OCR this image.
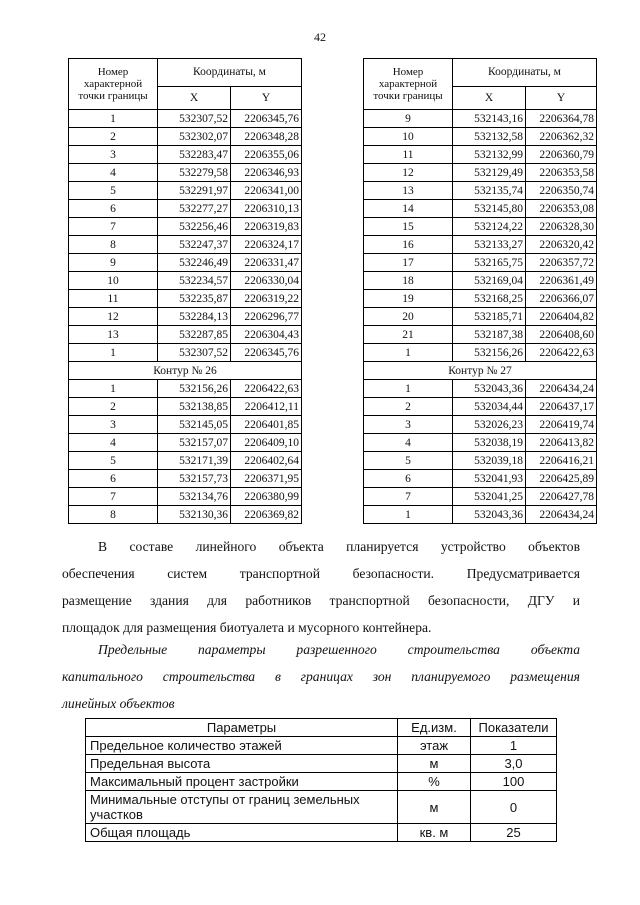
42
Номер характерной точки границы	Координаты, м	
	X	Y
1	532307,52	2206345,76
2	532302,07	2206348,28
3	532283,47	2206355,06
4	532279,58	2206346,93
5	532291,97	2206341,00
6	532277,27	2206310,13
7	532256,46	2206319,83
8	532247,37	2206324,17
9	532246,49	2206331,47
10	532234,57	2206330,04
11	532235,87	2206319,22
12	532284,13	2206296,77
13	532287,85	2206304,43
1	532307,52	2206345,76
Контур № 26		
1	532156,26	2206422,63
2	532138,85	2206412,11
3	532145,05	2206401,85
4	532157,07	2206409,10
5	532171,39	2206402,64
6	532157,73	2206371,95
7	532134,76	2206380,99
8	532130,36	2206369,82
Номер характерной точки границы	Координаты, м	
	X	Y
9	532143,16	2206364,78
10	532132,58	2206362,32
11	532132,99	2206360,79
12	532129,49	2206353,58
13	532135,74	2206350,74
14	532145,80	2206353,08
15	532124,22	2206328,30
16	532133,27	2206320,42
17	532165,75	2206357,72
18	532169,04	2206361,49
19	532168,25	2206366,07
20	532185,71	2206404,82
21	532187,38	2206408,60
1	532156,26	2206422,63
Контур № 27		
1	532043,36	2206434,24
2	532034,44	2206437,17
3	532026,23	2206419,74
4	532038,19	2206413,82
5	532039,18	2206416,21
6	532041,93	2206425,89
7	532041,25	2206427,78
1	532043,36	2206434,24
В составе линейного объекта планируется устройство объектов
обеспечения систем транспортной безопасности. Предусматривается
размещение здания для работников транспортной безопасности, ДГУ и
площадок для размещения биотуалета и мусорного контейнера.
Предельные параметры разрешенного строительства объекта
капитального строительства в границах зон планируемого размещения
линейных объектов
Параметры	Ед.изм.	Показатели
Предельное количество этажей	этаж	1
Предельная высота	м	3,0
Максимальный процент застройки	%	100
Минимальные отступы от границ земельных участков	м	0
Общая площадь	кв. м	25
